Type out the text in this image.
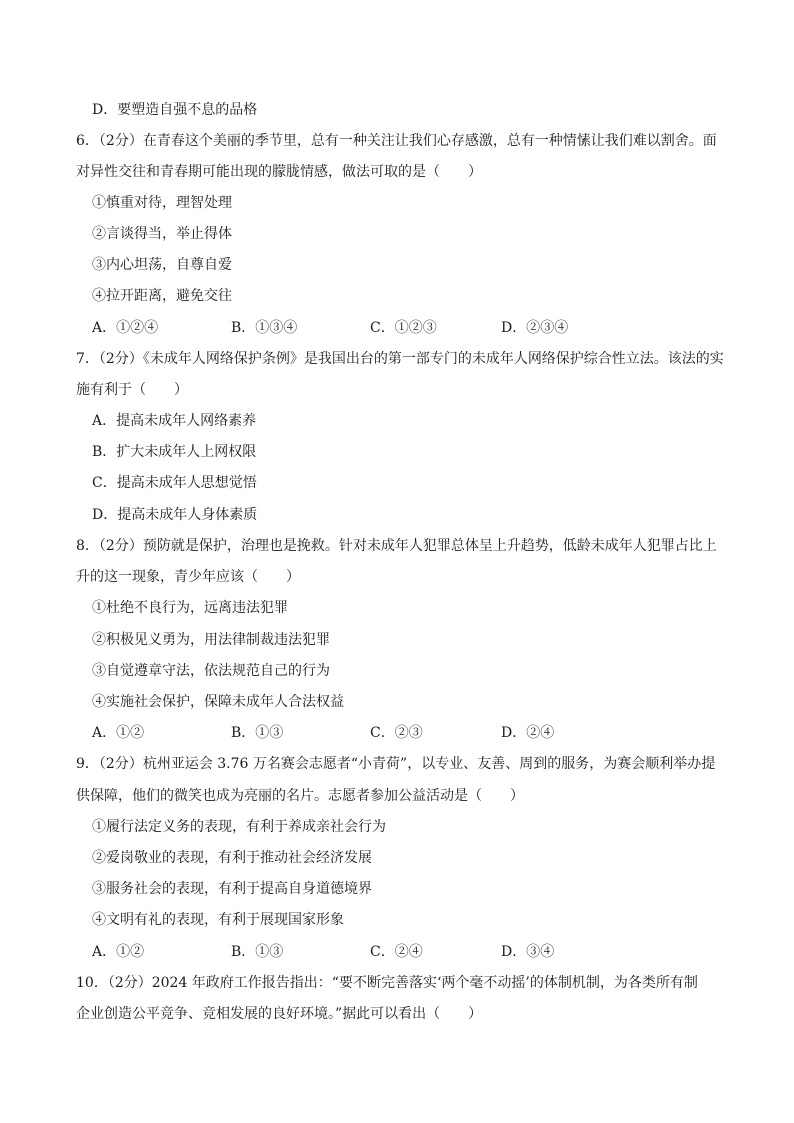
D．要塑造自强不息的品格
6．（2分）在青春这个美丽的季节里，总有一种关注让我们心存感激，总有一种情愫让我们难以割舍。面
对异性交往和青春期可能出现的朦胧情感，做法可取的是（　　）
①慎重对待，理智处理
②言谈得当，举止得体
③内心坦荡，自尊自爱
④拉开距离，避免交往
A．①②④	B．①③④	C．①②③	D．②③④
7．（2分）《未成年人网络保护条例》是我国出台的第一部专门的未成年人网络保护综合性立法。该法的实
施有利于（　　）
A．提高未成年人网络素养
B．扩大未成年人上网权限
C．提高未成年人思想觉悟
D．提高未成年人身体素质
8．（2分）预防就是保护，治理也是挽救。针对未成年人犯罪总体呈上升趋势，低龄未成年人犯罪占比上
升的这一现象，青少年应该（　　）
①杜绝不良行为，远离违法犯罪
②积极见义勇为，用法律制裁违法犯罪
③自觉遵章守法，依法规范自己的行为
④实施社会保护，保障未成年人合法权益
A．①②	B．①③	C．②③	D．②④
9．（2分）杭州亚运会 3.76 万名赛会志愿者“小青荷”，以专业、友善、周到的服务，为赛会顺利举办提
供保障，他们的微笑也成为亮丽的名片。志愿者参加公益活动是（　　）
①履行法定义务的表现，有利于养成亲社会行为
②爱岗敬业的表现，有利于推动社会经济发展
③服务社会的表现，有利于提高自身道德境界
④文明有礼的表现，有利于展现国家形象
A．①②	B．①③	C．②④	D．③④
10．（2分）2024 年政府工作报告指出：“要不断完善落实‘两个毫不动摇’的体制机制，为各类所有制
企业创造公平竞争、竞相发展的良好环境。”据此可以看出（　　）
